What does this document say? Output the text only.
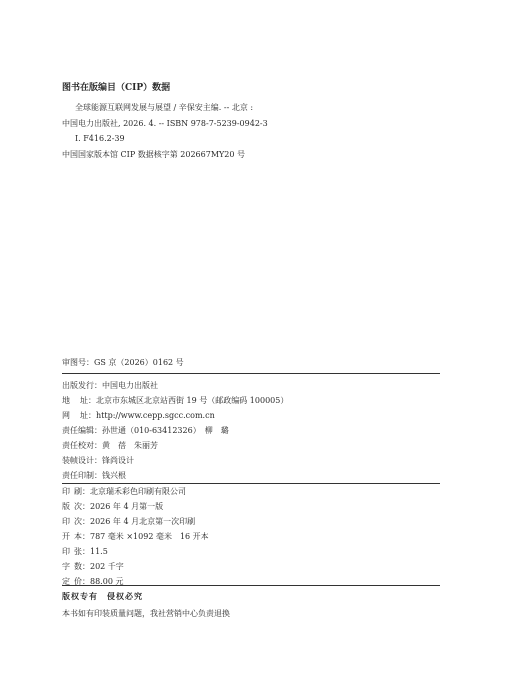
图书在版编目（CIP）数据
全球能源互联网发展与展望 / 辛保安主编. -- 北京 :
中国电力出版社, 2026. 4. -- ISBN 978-7-5239-0942-3
Ⅰ. F416.2-39
中国国家版本馆 CIP 数据核字第 202667MY20 号
审图号：GS 京（2026）0162 号
出版发行： 中国电力出版社
地 址： 北京市东城区北京站西街 19 号（邮政编码 100005）
网 址： http://www.cepp.sgcc.com.cn
责任编辑： 孙世通（010-63412326）　柳　璐
责任校对： 黄　蓓　朱丽芳
装帧设计： 锋尚设计
责任印制： 钱兴根
印 刷： 北京瑞禾彩色印刷有限公司
版 次： 2026 年 4 月第一版
印 次： 2026 年 4 月北京第一次印刷
开 本： 787 毫米 ×1092 毫米　16 开本
印 张： 11.5
字 数： 202 千字
定 价： 88.00 元
版权专有　侵权必究
本书如有印装质量问题，我社营销中心负责退换
